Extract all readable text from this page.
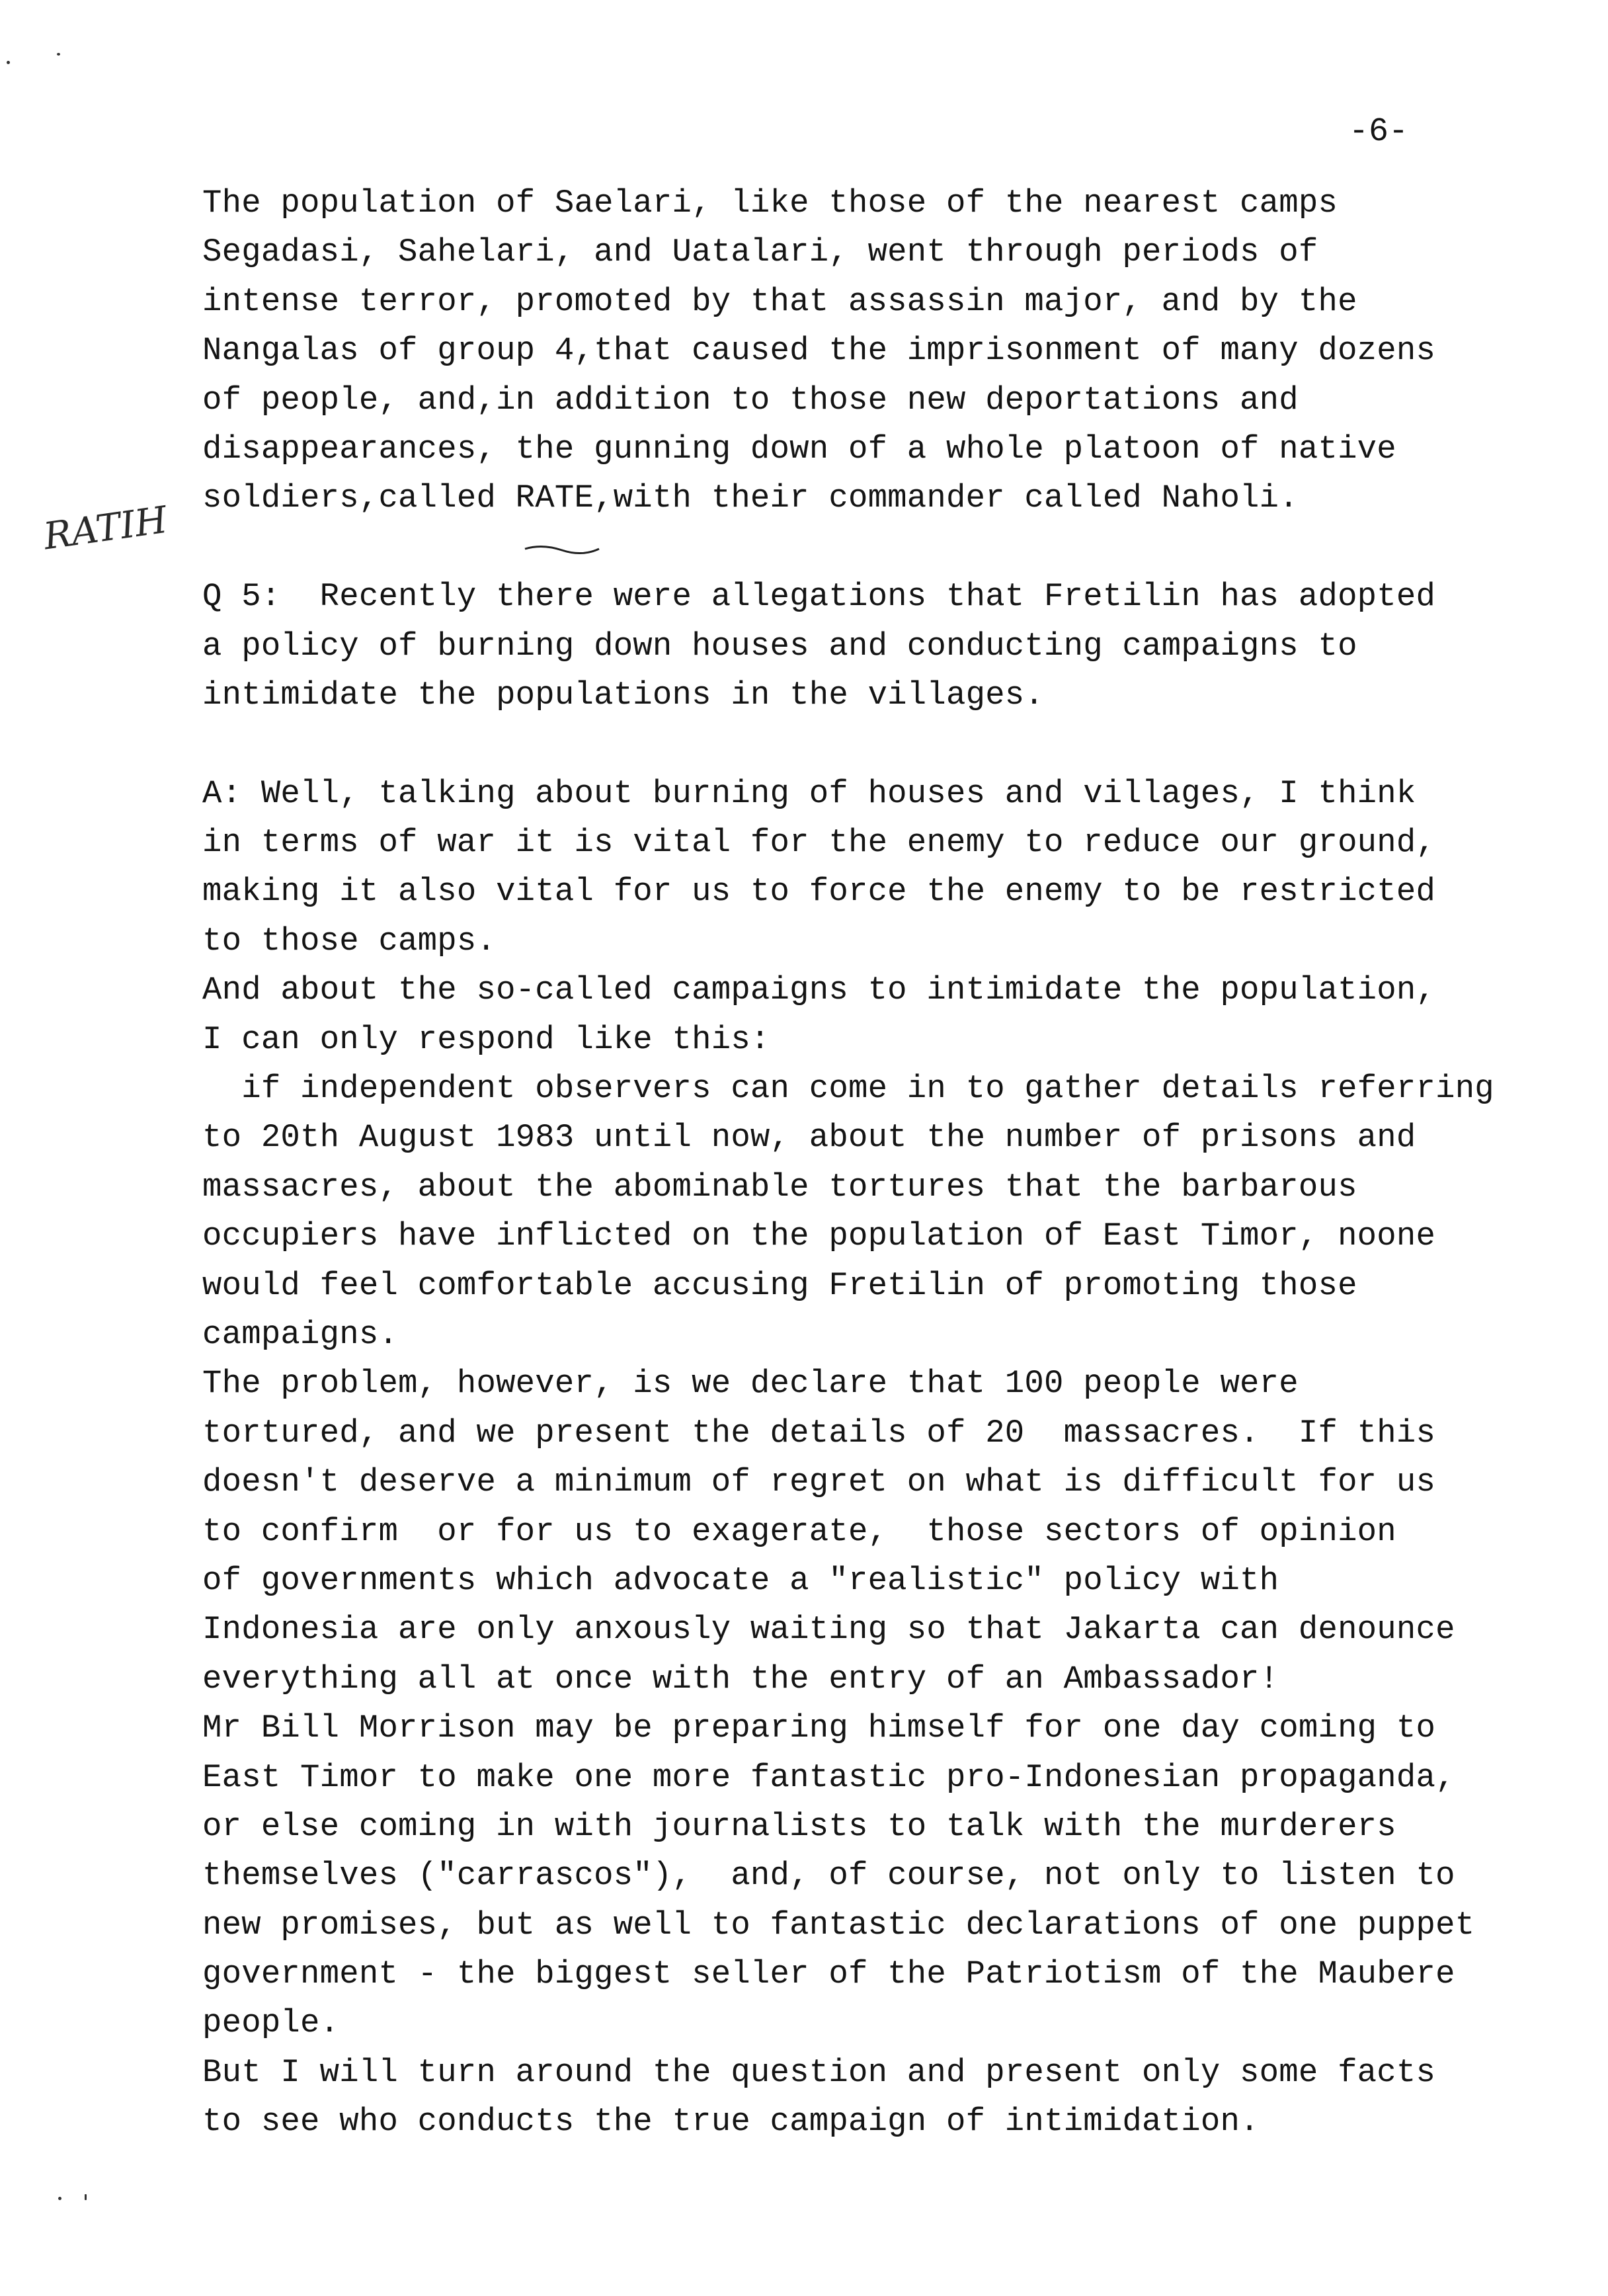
-6-
RATIH
The population of Saelari, like those of the nearest camps
Segadasi, Sahelari, and Uatalari, went through periods of
intense terror, promoted by that assassin major, and by the
Nangalas of group 4,that caused the imprisonment of many dozens
of people, and,in addition to those new deportations and
disappearances, the gunning down of a whole platoon of native
soldiers,called RATE,with their commander called Naholi.
Q 5:  Recently there were allegations that Fretilin has adopted
a policy of burning down houses and conducting campaigns to
intimidate the populations in the villages.
A: Well, talking about burning of houses and villages, I think
in terms of war it is vital for the enemy to reduce our ground,
making it also vital for us to force the enemy to be restricted
to those camps.
And about the so-called campaigns to intimidate the population,
I can only respond like this:
if independent observers can come in to gather details referring
to 20th August 1983 until now, about the number of prisons and
massacres, about the abominable tortures that the barbarous
occupiers have inflicted on the population of East Timor, noone
would feel comfortable accusing Fretilin of promoting those
campaigns.
The problem, however, is we declare that 100 people were
tortured, and we present the details of 20  massacres.  If this
doesn't deserve a minimum of regret on what is difficult for us
to confirm  or for us to exagerate,  those sectors of opinion
of governments which advocate a "realistic" policy with
Indonesia are only anxously waiting so that Jakarta can denounce
everything all at once with the entry of an Ambassador!
Mr Bill Morrison may be preparing himself for one day coming to
East Timor to make one more fantastic pro-Indonesian propaganda,
or else coming in with journalists to talk with the murderers
themselves ("carrascos"),  and, of course, not only to listen to
new promises, but as well to fantastic declarations of one puppet
government - the biggest seller of the Patriotism of the Maubere
people.
But I will turn around the question and present only some facts
to see who conducts the true campaign of intimidation.
